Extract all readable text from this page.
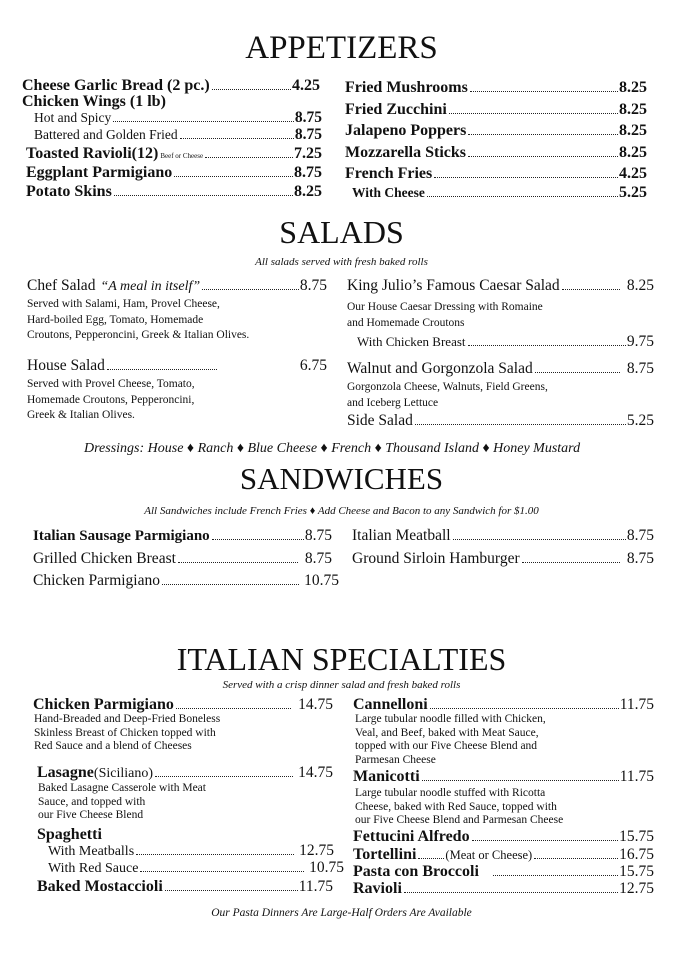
APPETIZERS
Cheese Garlic Bread (2 pc.)	4.25
Chicken Wings (1 lb)
Hot and Spicy	8.75
Battered and Golden Fried	8.75
Toasted Ravioli(12) Beef or Cheese	7.25
Eggplant Parmigiano	8.75
Potato Skins	8.25
Fried Mushrooms	8.25
Fried Zucchini	8.25
Jalapeno Poppers	8.25
Mozzarella Sticks	8.25
French Fries	4.25
With Cheese	5.25
SALADS
All salads served with fresh baked rolls
Chef Salad “A meal in itself”	8.75
Served with Salami, Ham, Provel Cheese,
Hard-boiled Egg, Tomato, Homemade
Croutons, Pepperoncini, Greek & Italian Olives.
House Salad	6.75
Served with Provel Cheese, Tomato,
Homemade Croutons, Pepperoncini,
Greek & Italian Olives.
King Julio’s Famous Caesar Salad	8.25
Our House Caesar Dressing with Romaine
and Homemade Croutons
With Chicken Breast	9.75
Walnut and Gorgonzola Salad	8.75
Gorgonzola Cheese, Walnuts, Field Greens,
and Iceberg Lettuce
Side Salad	5.25
Dressings: House ♦ Ranch ♦ Blue Cheese ♦ French ♦ Thousand Island ♦ Honey Mustard
SANDWICHES
All Sandwiches include French Fries ♦ Add Cheese and Bacon to any Sandwich for $1.00
Italian Sausage Parmigiano	8.75
Grilled Chicken Breast	8.75
Chicken Parmigiano	10.75
Italian Meatball	8.75
Ground Sirloin Hamburger	8.75
ITALIAN SPECIALTIES
Served with a crisp dinner salad and fresh baked rolls
Chicken Parmigiano	14.75
Hand-Breaded and Deep-Fried Boneless
Skinless Breast of Chicken topped with
Red Sauce and a blend of Cheeses
Lasagne (Siciliano)	14.75
Baked Lasagne Casserole with Meat
Sauce, and topped with
our Five Cheese Blend
Spaghetti
With Meatballs	12.75
With Red Sauce	10.75
Baked Mostaccioli	11.75
Cannelloni	11.75
Large tubular noodle filled with Chicken,
Veal, and Beef, baked with Meat Sauce,
topped with our Five Cheese Blend and
Parmesan Cheese
Manicotti	11.75
Large tubular noodle stuffed with Ricotta
Cheese, baked with Red Sauce, topped with
our Five Cheese Blend and Parmesan Cheese
Fettucini Alfredo	15.75
Tortellini (Meat or Cheese)	16.75
Pasta con Broccoli	15.75
Ravioli	12.75
Our Pasta Dinners Are Large-Half Orders Are Available
